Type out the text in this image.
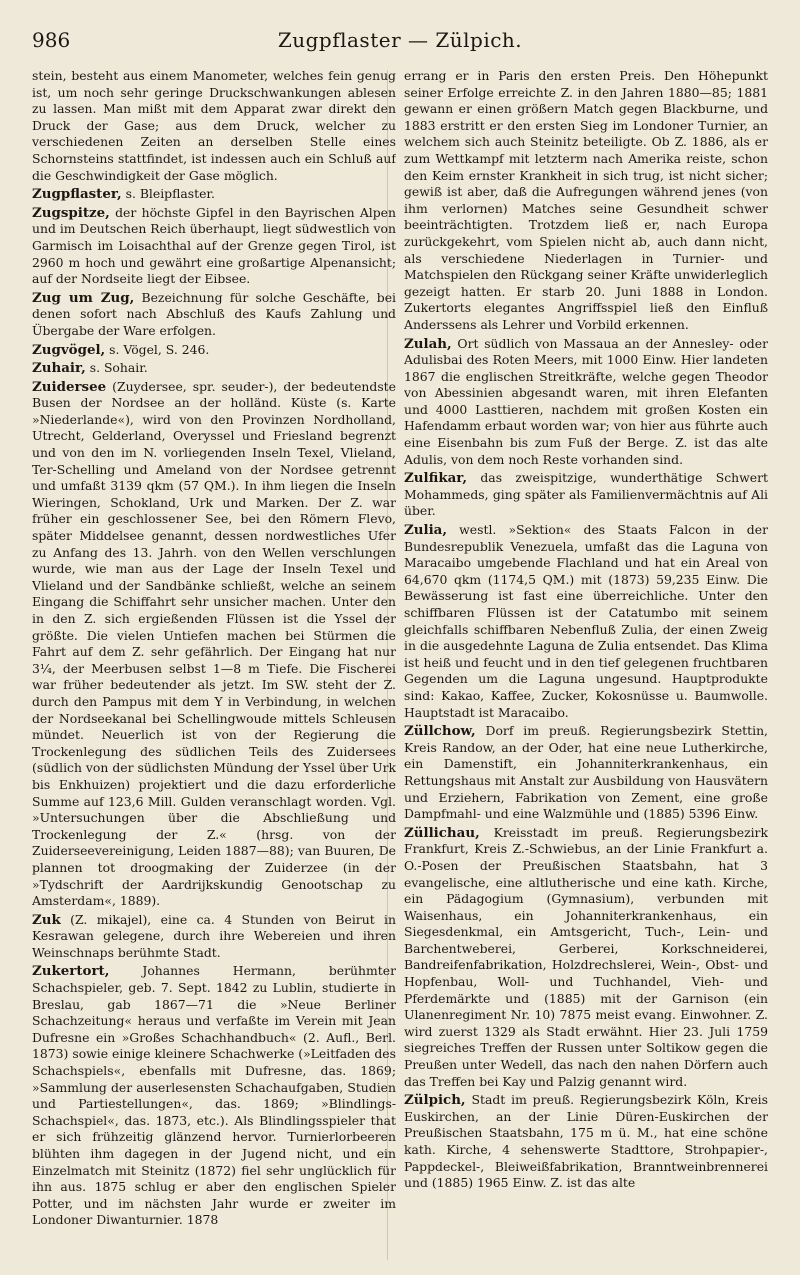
986	Zugpflaster — Zülpich.

stein, besteht aus einem Manometer, welches fein genug ist, um noch sehr geringe Druckschwankungen ablesen zu lassen. Man mißt mit dem Apparat zwar direkt den Druck der Gase; aus dem Druck, welcher zu verschiedenen Zeiten an derselben Stelle eines Schornsteins stattfindet, ist indessen auch ein Schluß auf die Geschwindigkeit der Gase möglich.

Zugpflaster, s. Bleipflaster.

Zugspitze, der höchste Gipfel in den Bayrischen Alpen und im Deutschen Reich überhaupt, liegt südwestlich von Garmisch im Loisachthal auf der Grenze gegen Tirol, ist 2960 m hoch und gewährt eine großartige Alpenansicht; auf der Nordseite liegt der Eibsee.

Zug um Zug, Bezeichnung für solche Geschäfte, bei denen sofort nach Abschluß des Kaufs Zahlung und Übergabe der Ware erfolgen.

Zugvögel, s. Vögel, S. 246.

Zuhair, s. Sohair.

Zuidersee (Zuydersee, spr. seuder-), der bedeutendste Busen der Nordsee an der holländ. Küste (s. Karte »Niederlande«), wird von den Provinzen Nordholland, Utrecht, Gelderland, Overyssel und Friesland begrenzt und von den im N. vorliegenden Inseln Texel, Vlieland, Ter-Schelling und Ameland von der Nordsee getrennt und umfaßt 3139 qkm (57 QM.). In ihm liegen die Inseln Wieringen, Schokland, Urk und Marken. Der Z. war früher ein geschlossener See, bei den Römern Flevo, später Middelsee genannt, dessen nordwestliches Ufer zu Anfang des 13. Jahrh. von den Wellen verschlungen wurde, wie man aus der Lage der Inseln Texel und Vlieland und der Sandbänke schließt, welche an seinem Eingang die Schiffahrt sehr unsicher machen. Unter den in den Z. sich ergießenden Flüssen ist die Yssel der größte. Die vielen Untiefen machen bei Stürmen die Fahrt auf dem Z. sehr gefährlich. Der Eingang hat nur 3¼, der Meerbusen selbst 1—8 m Tiefe. Die Fischerei war früher bedeutender als jetzt. Im SW. steht der Z. durch den Pampus mit dem Y in Verbindung, in welchen der Nordseekanal bei Schellingwoude mittels Schleusen mündet. Neuerlich ist von der Regierung die Trockenlegung des südlichen Teils des Zuidersees (südlich von der südlichsten Mündung der Yssel über Urk bis Enkhuizen) projektiert und die dazu erforderliche Summe auf 123,6 Mill. Gulden veranschlagt worden. Vgl. »Untersuchungen über die Abschließung und Trockenlegung der Z.« (hrsg. von der Zuiderseevereinigung, Leiden 1887—88); van Buuren, De plannen tot droogmaking der Zuiderzee (in der »Tydschrift der Aardrijkskundig Genootschap zu Amsterdam«, 1889).

Zuk (Z. mikajel), eine ca. 4 Stunden von Beirut in Kesrawan gelegene, durch ihre Webereien und ihren Weinschnaps berühmte Stadt.

Zukertort, Johannes Hermann, berühmter Schachspieler, geb. 7. Sept. 1842 zu Lublin, studierte in Breslau, gab 1867—71 die »Neue Berliner Schachzeitung« heraus und verfaßte im Verein mit Jean Dufresne ein »Großes Schachhandbuch« (2. Aufl., Berl. 1873) sowie einige kleinere Schachwerke (»Leitfaden des Schachspiels«, ebenfalls mit Dufresne, das. 1869; »Sammlung der auserlesensten Schachaufgaben, Studien und Partiestellungen«, das. 1869; »Blindlings-Schachspiel«, das. 1873, etc.). Als Blindlingsspieler that er sich frühzeitig glänzend hervor. Turnierlorbeeren blühten ihm dagegen in der Jugend nicht, und ein Einzelmatch mit Steinitz (1872) fiel sehr unglücklich für ihn aus. 1875 schlug er aber den englischen Spieler Potter, und im nächsten Jahr wurde er zweiter im Londoner Diwanturnier. 1878

errang er in Paris den ersten Preis. Den Höhepunkt seiner Erfolge erreichte Z. in den Jahren 1880—85; 1881 gewann er einen größern Match gegen Blackburne, und 1883 erstritt er den ersten Sieg im Londoner Turnier, an welchem sich auch Steinitz beteiligte. Ob Z. 1886, als er zum Wettkampf mit letzterm nach Amerika reiste, schon den Keim ernster Krankheit in sich trug, ist nicht sicher; gewiß ist aber, daß die Aufregungen während jenes (von ihm verlornen) Matches seine Gesundheit schwer beeinträchtigten. Trotzdem ließ er, nach Europa zurückgekehrt, vom Spielen nicht ab, auch dann nicht, als verschiedene Niederlagen in Turnier- und Matchspielen den Rückgang seiner Kräfte unwiderleglich gezeigt hatten. Er starb 20. Juni 1888 in London. Zukertorts elegantes Angriffsspiel ließ den Einfluß Anderssens als Lehrer und Vorbild erkennen.

Zulah, Ort südlich von Massaua an der Annesley- oder Adulisbai des Roten Meers, mit 1000 Einw. Hier landeten 1867 die englischen Streitkräfte, welche gegen Theodor von Abessinien abgesandt waren, mit ihren Elefanten und 4000 Lasttieren, nachdem mit großen Kosten ein Hafendamm erbaut worden war; von hier aus führte auch eine Eisenbahn bis zum Fuß der Berge. Z. ist das alte Adulis, von dem noch Reste vorhanden sind.

Zulfikar, das zweispitzige, wunderthätige Schwert Mohammeds, ging später als Familienvermächtnis auf Ali über.

Zulia, westl. »Sektion« des Staats Falcon in der Bundesrepublik Venezuela, umfaßt das die Laguna von Maracaibo umgebende Flachland und hat ein Areal von 64,670 qkm (1174,5 QM.) mit (1873) 59,235 Einw. Die Bewässerung ist fast eine überreichliche. Unter den schiffbaren Flüssen ist der Catatumbo mit seinem gleichfalls schiffbaren Nebenfluß Zulia, der einen Zweig in die ausgedehnte Laguna de Zulia entsendet. Das Klima ist heiß und feucht und in den tief gelegenen fruchtbaren Gegenden um die Laguna ungesund. Hauptprodukte sind: Kakao, Kaffee, Zucker, Kokosnüsse u. Baumwolle. Hauptstadt ist Maracaibo.

Züllchow, Dorf im preuß. Regierungsbezirk Stettin, Kreis Randow, an der Oder, hat eine neue Lutherkirche, ein Damenstift, ein Johanniterkrankenhaus, ein Rettungshaus mit Anstalt zur Ausbildung von Hausvätern und Erziehern, Fabrikation von Zement, eine große Dampfmahl- und eine Walzmühle und (1885) 5396 Einw.

Züllichau, Kreisstadt im preuß. Regierungsbezirk Frankfurt, Kreis Z.-Schwiebus, an der Linie Frankfurt a. O.-Posen der Preußischen Staatsbahn, hat 3 evangelische, eine altlutherische und eine kath. Kirche, ein Pädagogium (Gymnasium), verbunden mit Waisenhaus, ein Johanniterkrankenhaus, ein Siegesdenkmal, ein Amtsgericht, Tuch-, Lein- und Barchentweberei, Gerberei, Korkschneiderei, Bandreifenfabrikation, Holzdrechslerei, Wein-, Obst- und Hopfenbau, Woll- und Tuchhandel, Vieh- und Pferdemärkte und (1885) mit der Garnison (ein Ulanenregiment Nr. 10) 7875 meist evang. Einwohner. Z. wird zuerst 1329 als Stadt erwähnt. Hier 23. Juli 1759 siegreiches Treffen der Russen unter Soltikow gegen die Preußen unter Wedell, das nach den nahen Dörfern auch das Treffen bei Kay und Palzig genannt wird.

Zülpich, Stadt im preuß. Regierungsbezirk Köln, Kreis Euskirchen, an der Linie Düren-Euskirchen der Preußischen Staatsbahn, 175 m ü. M., hat eine schöne kath. Kirche, 4 sehenswerte Stadttore, Strohpapier-, Pappdeckel-, Bleiweißfabrikation, Branntweinbrennerei und (1885) 1965 Einw. Z. ist das alte
